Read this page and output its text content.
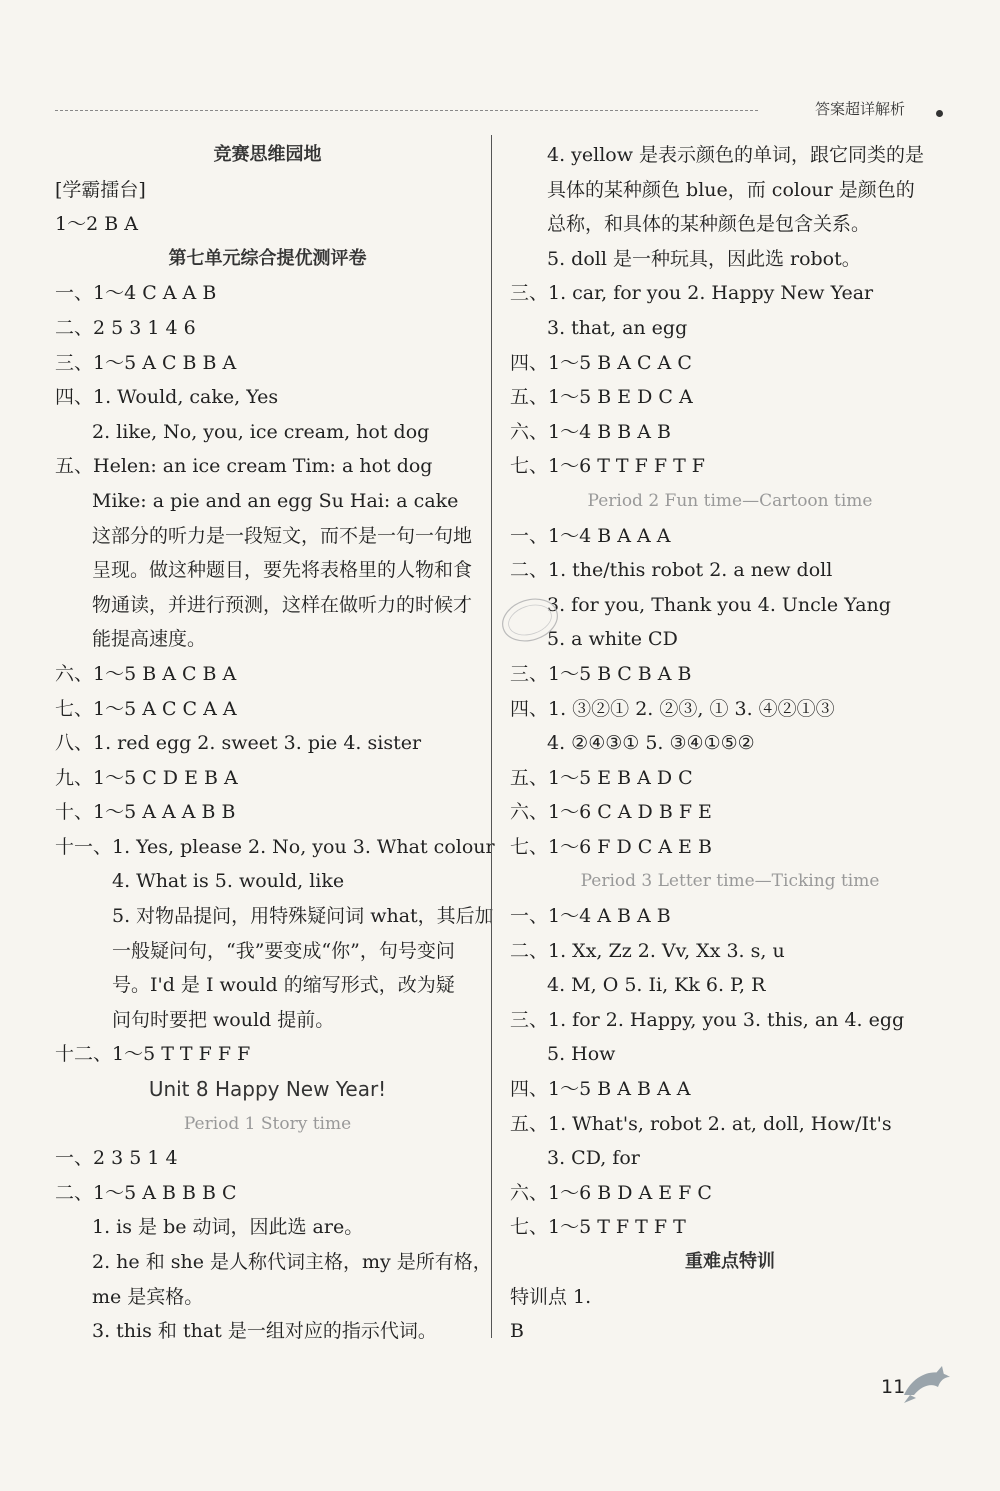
答案超详解析
竞赛思维园地
[学霸擂台]
1～2 B A
第七单元综合提优测评卷
一、1～4 C A A B
二、2 5 3 1 4 6
三、1～5 A C B B A
四、1. Would, cake, Yes
2. like, No, you, ice cream, hot dog
五、Helen: an ice cream Tim: a hot dog
Mike: a pie and an egg Su Hai: a cake
这部分的听力是一段短文，而不是一句一句地
呈现。做这种题目，要先将表格里的人物和食
物通读，并进行预测，这样在做听力的时候才
能提高速度。
六、1～5 B A C B A
七、1～5 A C C A A
八、1. red egg 2. sweet 3. pie 4. sister
九、1～5 C D E B A
十、1～5 A A A B B
十一、1. Yes, please 2. No, you 3. What colour
4. What is 5. would, like
5. 对物品提问，用特殊疑问词 what，其后加
一般疑问句，“我”要变成“你”，句号变问
号。I'd 是 I would 的缩写形式，改为疑
问句时要把 would 提前。
十二、1～5 T T F F F
Unit 8 Happy New Year!
Period 1 Story time
一、2 3 5 1 4
二、1～5 A B B B C
1. is 是 be 动词，因此选 are。
2. he 和 she 是人称代词主格，my 是所有格，
me 是宾格。
3. this 和 that 是一组对应的指示代词。
4. yellow 是表示颜色的单词，跟它同类的是
具体的某种颜色 blue，而 colour 是颜色的
总称，和具体的某种颜色是包含关系。
5. doll 是一种玩具，因此选 robot。
三、1. car, for you 2. Happy New Year
3. that, an egg
四、1～5 B A C A C
五、1～5 B E D C A
六、1～4 B B A B
七、1～6 T T F F T F
Period 2 Fun time—Cartoon time
一、1～4 B A A A
二、1. the/this robot 2. a new doll
3. for you, Thank you 4. Uncle Yang
5. a white CD
三、1～5 B C B A B
四、1. ③②① 2. ②③, ① 3. ④②①③
4. ②④③① 5. ③④①⑤②
五、1～5 E B A D C
六、1～6 C A D B F E
七、1～6 F D C A E B
Period 3 Letter time—Ticking time
一、1～4 A B A B
二、1. Xx, Zz 2. Vv, Xx 3. s, u
4. M, O 5. Ii, Kk 6. P, R
三、1. for 2. Happy, you 3. this, an 4. egg
5. How
四、1～5 B A B A A
五、1. What's, robot 2. at, doll, How/It's
3. CD, for
六、1～6 B D A E F C
七、1～5 T F T F T
重难点特训
特训点 1.
B
11
